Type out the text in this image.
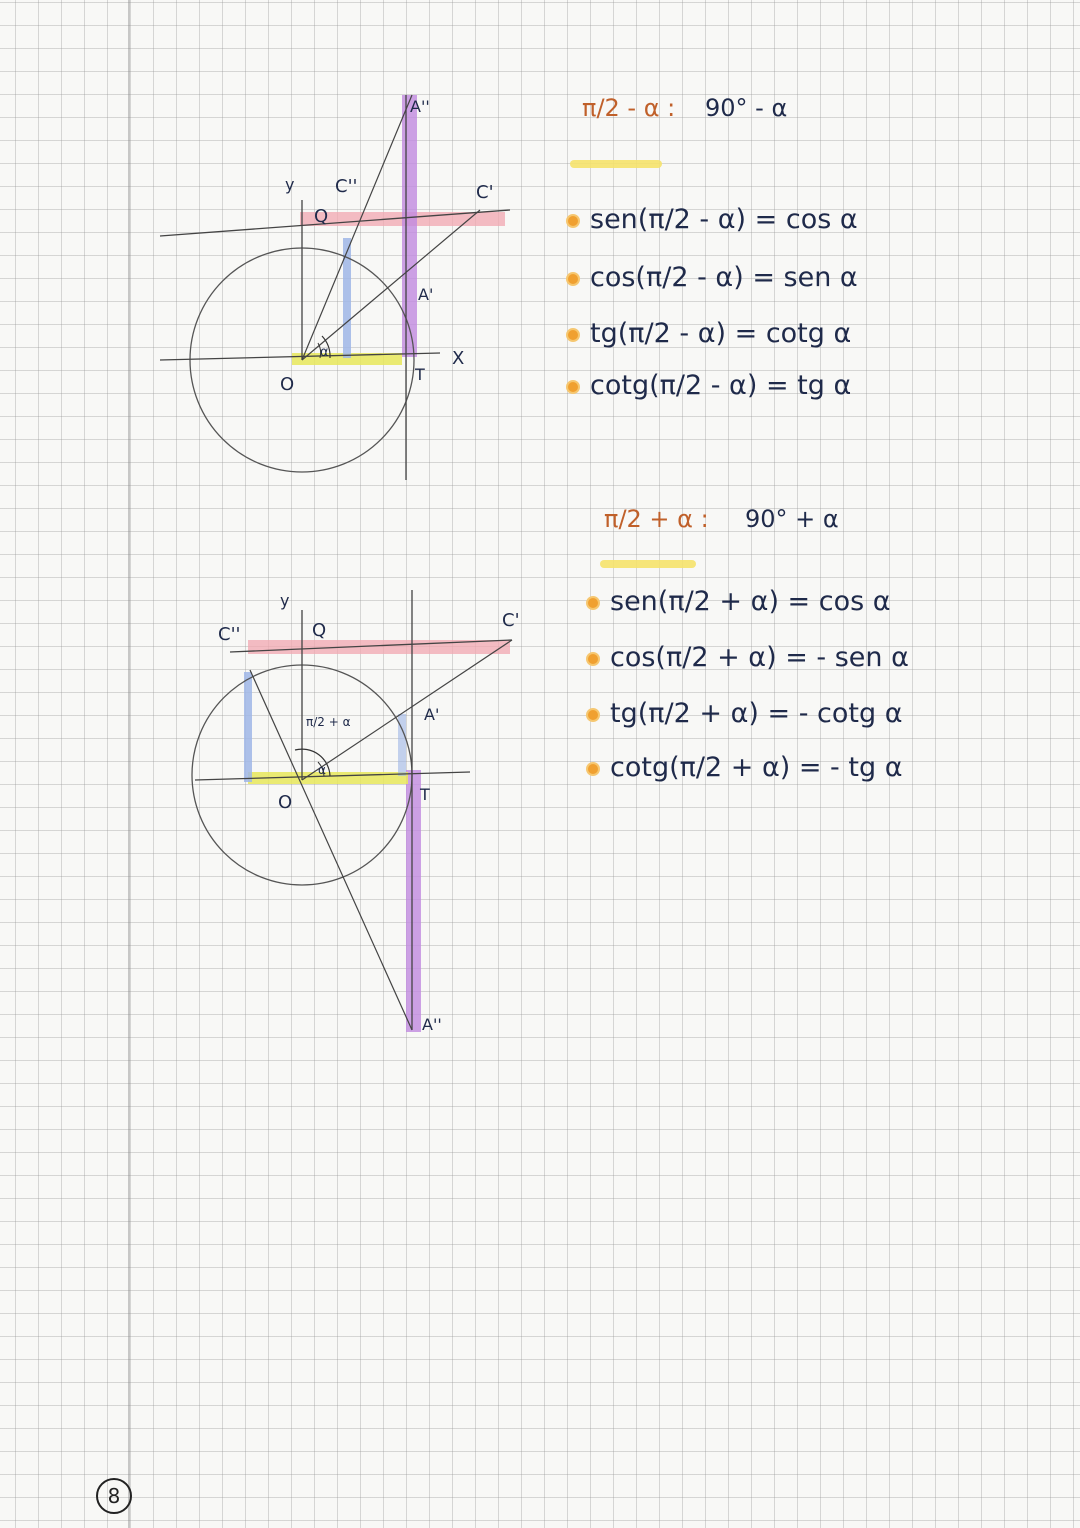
y
Q
C''	C'
A''
A'
O	T
X
α
y
Q
C''
C'
A'
A''
O	T
π/2 + α
α
π/2 - α : 90° - α
sen(π/2 - α) = cos α
cos(π/2 - α) = sen α
tg(π/2 - α) = cotg α
cotg(π/2 - α) = tg α
π/2 + α : 90° + α
sen(π/2 + α) = cos α
cos(π/2 + α) = - sen α
tg(π/2 + α) = - cotg α
cotg(π/2 + α) = - tg α
8
